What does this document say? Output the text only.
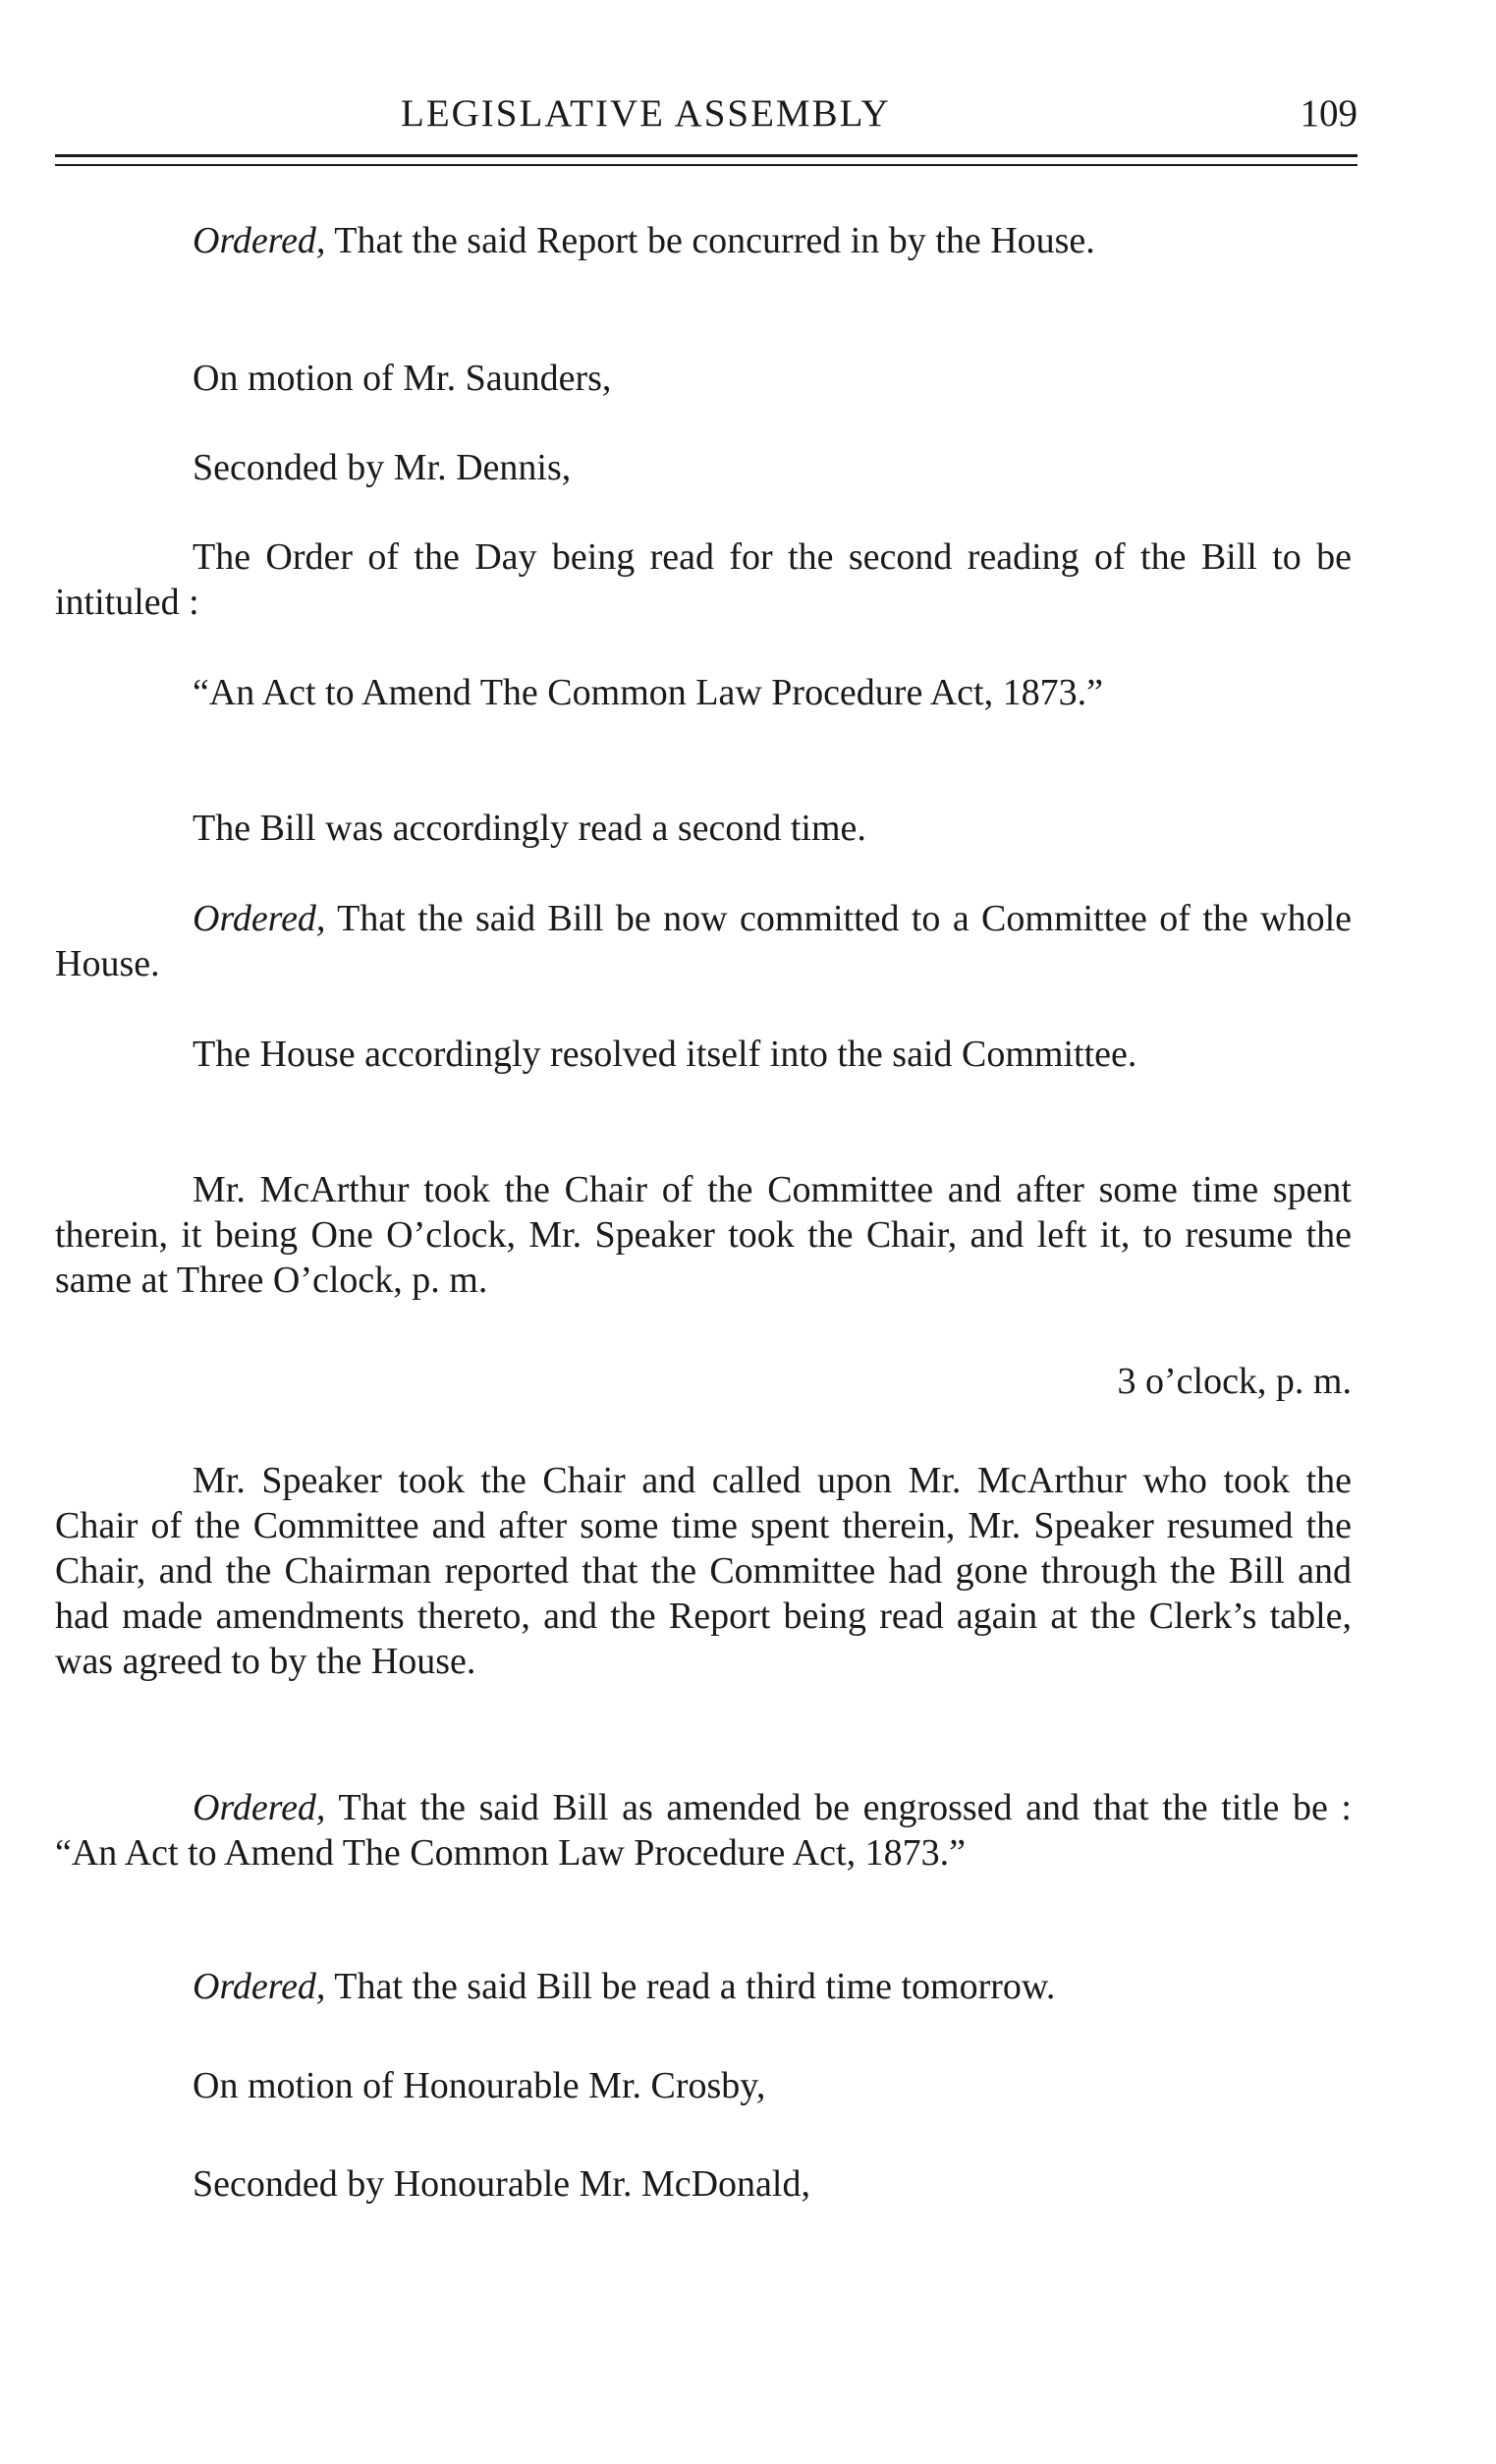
LEGISLATIVE ASSEMBLY	109

Ordered, That the said Report be concurred in by the House.

On motion of Mr. Saunders,

Seconded by Mr. Dennis,

The Order of the Day being read for the second reading of the Bill to be intituled :

“An Act to Amend The Common Law Procedure Act, 1873.”

The Bill was accordingly read a second time.

Ordered, That the said Bill be now committed to a Committee of the whole House.

The House accordingly resolved itself into the said Committee.

Mr. McArthur took the Chair of the Committee and after some time spent therein, it being One O’clock, Mr. Speaker took the Chair, and left it, to resume the same at Three O’clock, p. m.

3 o’clock, p. m.

Mr. Speaker took the Chair and called upon Mr. McArthur who took the Chair of the Committee and after some time spent therein, Mr. Speaker resumed the Chair, and the Chairman reported that the Committee had gone through the Bill and had made amendments thereto, and the Report being read again at the Clerk’s table, was agreed to by the House.

Ordered, That the said Bill as amended be engrossed and that the title be : “An Act to Amend The Common Law Procedure Act, 1873.”

Ordered, That the said Bill be read a third time tomorrow.

On motion of Honourable Mr. Crosby,

Seconded by Honourable Mr. McDonald,
